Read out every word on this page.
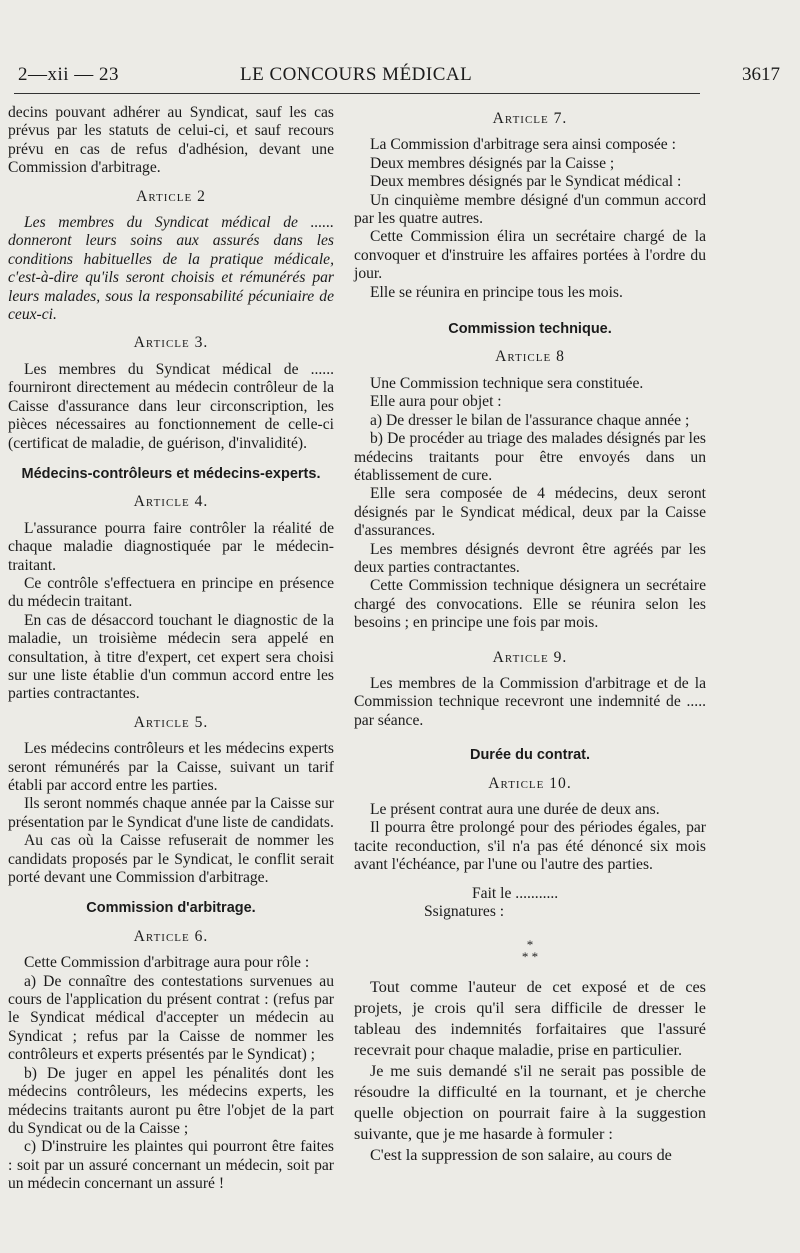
2—xii — 23	LE CONCOURS MÉDICAL	3617

decins pouvant adhérer au Syndicat, sauf les cas prévus par les statuts de celui-ci, et sauf recours prévu en cas de refus d'adhésion, devant une Commission d'arbitrage.

Article 2

Les membres du Syndicat médical de ...... donneront leurs soins aux assurés dans les conditions habituelles de la pratique médicale, c'est-à-dire qu'ils seront choisis et rémunérés par leurs malades, sous la responsabilité pécuniaire de ceux-ci.

Article 3.

Les membres du Syndicat médical de ...... fourniront directement au médecin contrôleur de la Caisse d'assurance dans leur circonscription, les pièces nécessaires au fonctionnement de celle-ci (certificat de maladie, de guérison, d'invalidité).

Médecins-contrôleurs et médecins-experts.
Article 4.

L'assurance pourra faire contrôler la réalité de chaque maladie diagnostiquée par le médecin-traitant.

Ce contrôle s'effectuera en principe en présence du médecin traitant.

En cas de désaccord touchant le diagnostic de la maladie, un troisième médecin sera appelé en consultation, à titre d'expert, cet expert sera choisi sur une liste établie d'un commun accord entre les parties contractantes.

Article 5.

Les médecins contrôleurs et les médecins experts seront rémunérés par la Caisse, suivant un tarif établi par accord entre les parties.

Ils seront nommés chaque année par la Caisse sur présentation par le Syndicat d'une liste de candidats.

Au cas où la Caisse refuserait de nommer les candidats proposés par le Syndicat, le conflit serait porté devant une Commission d'arbitrage.

Commission d'arbitrage.
Article 6.

Cette Commission d'arbitrage aura pour rôle :

a) De connaître des contestations survenues au cours de l'application du présent contrat : (refus par le Syndicat médical d'accepter un médecin au Syndicat ; refus par la Caisse de nommer les contrôleurs et experts présentés par le Syndicat) ;

b) De juger en appel les pénalités dont les médecins contrôleurs, les médecins experts, les médecins traitants auront pu être l'objet de la part du Syndicat ou de la Caisse ;

c) D'instruire les plaintes qui pourront être faites : soit par un assuré concernant un médecin, soit par un médecin concernant un assuré !

Article 7.

La Commission d'arbitrage sera ainsi composée :

Deux membres désignés par la Caisse ;

Deux membres désignés par le Syndicat médical :

Un cinquième membre désigné d'un commun accord par les quatre autres.

Cette Commission élira un secrétaire chargé de la convoquer et d'instruire les affaires portées à l'ordre du jour.

Elle se réunira en principe tous les mois.

Commission technique.
Article 8

Une Commission technique sera constituée.

Elle aura pour objet :

a) De dresser le bilan de l'assurance chaque année ;

b) De procéder au triage des malades désignés par les médecins traitants pour être envoyés dans un établissement de cure.

Elle sera composée de 4 médecins, deux seront désignés par le Syndicat médical, deux par la Caisse d'assurances.

Les membres désignés devront être agréés par les deux parties contractantes.

Cette Commission technique désignera un secrétaire chargé des convocations. Elle se réunira selon les besoins ; en principe une fois par mois.

Article 9.

Les membres de la Commission d'arbitrage et de la Commission technique recevront une indemnité de ..... par séance.

Durée du contrat.
Article 10.

Le présent contrat aura une durée de deux ans.

Il pourra être prolongé pour des périodes égales, par tacite reconduction, s'il n'a pas été dénoncé six mois avant l'échéance, par l'une ou l'autre des parties.

Fait le ...........

Ssignatures :

*
* *

Tout comme l'auteur de cet exposé et de ces projets, je crois qu'il sera difficile de dresser le tableau des indemnités forfaitaires que l'assuré recevrait pour chaque maladie, prise en particulier.

Je me suis demandé s'il ne serait pas possible de résoudre la difficulté en la tournant, et je cherche quelle objection on pourrait faire à la suggestion suivante, que je me hasarde à formuler :

C'est la suppression de son salaire, au cours de
